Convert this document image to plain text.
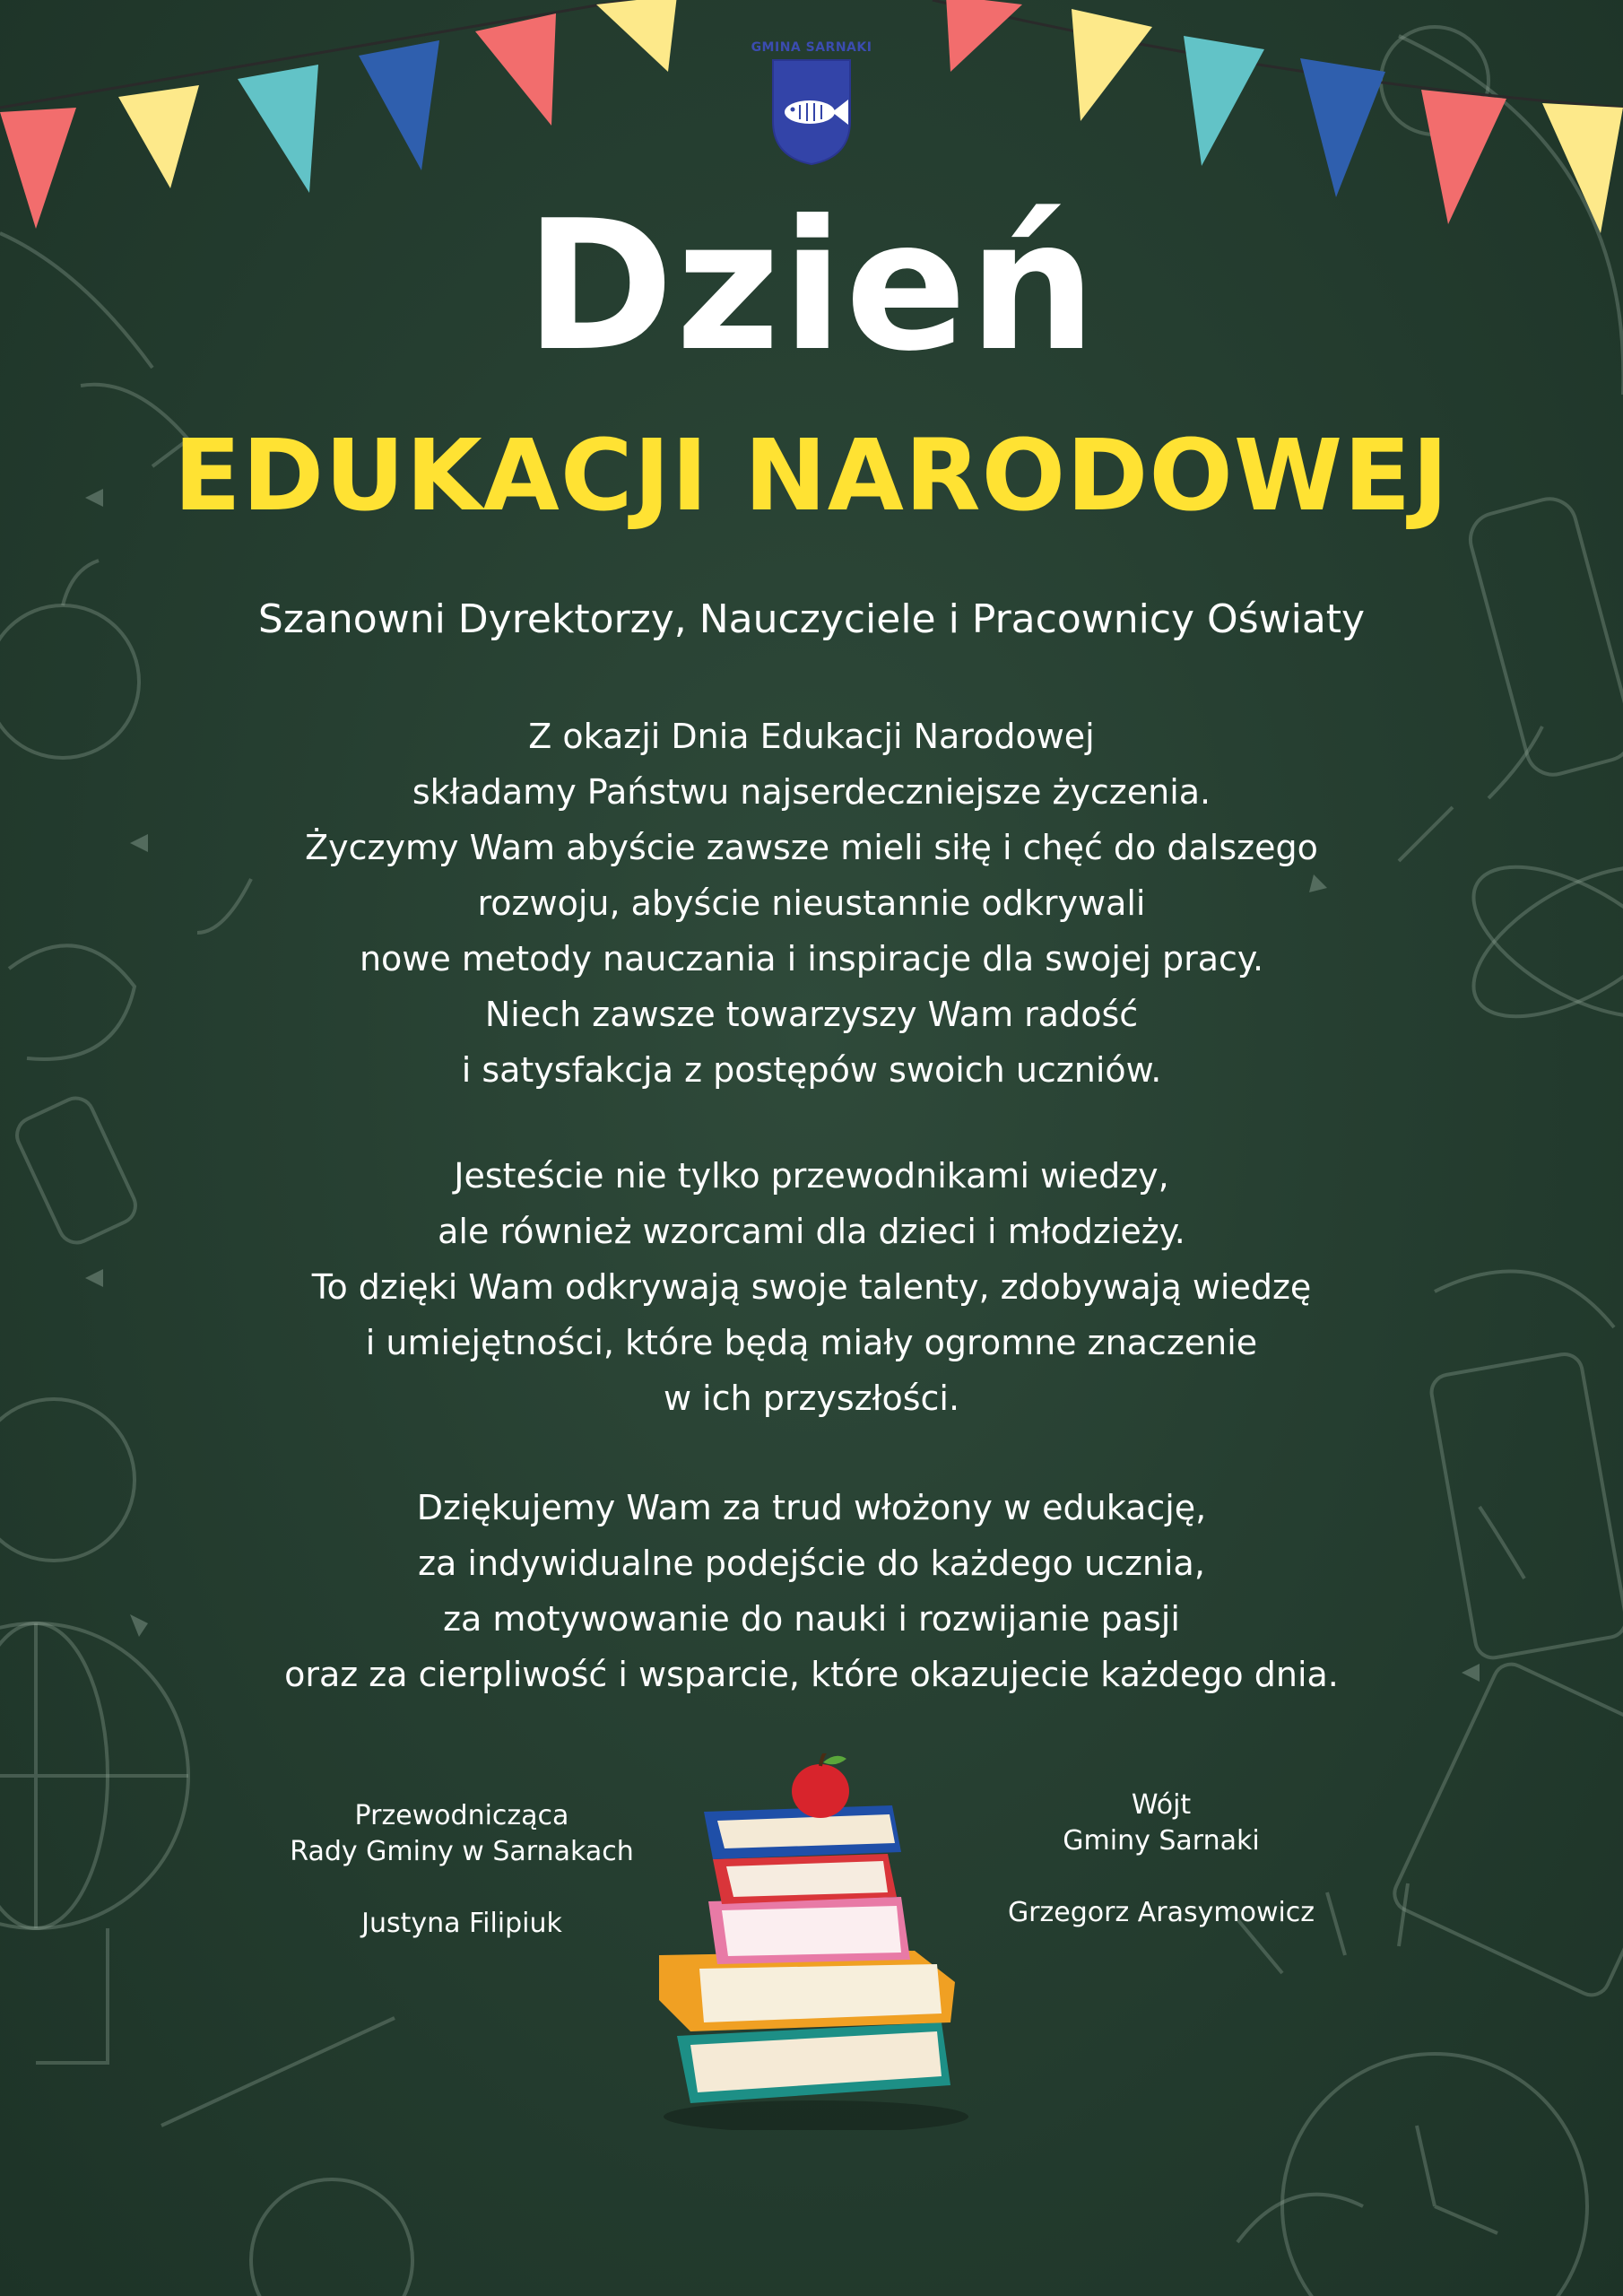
GMINA SARNAKI
Dzień
EDUKACJI NARODOWEJ
Szanowni Dyrektorzy, Nauczyciele i Pracownicy Oświaty
Z okazji Dnia Edukacji Narodowej
składamy Państwu najserdeczniejsze życzenia.
Życzymy Wam abyście zawsze mieli siłę i chęć do dalszego
rozwoju, abyście nieustannie odkrywali
nowe metody nauczania i inspiracje dla swojej pracy.
Niech zawsze towarzyszy Wam radość
i satysfakcja z postępów swoich uczniów.
Jesteście nie tylko przewodnikami wiedzy,
ale również wzorcami dla dzieci i młodzieży.
To dzięki Wam odkrywają swoje talenty, zdobywają wiedzę
i umiejętności, które będą miały ogromne znaczenie
w ich przyszłości.
Dziękujemy Wam za trud włożony w edukację,
za indywidualne podejście do każdego ucznia,
za motywowanie do nauki i rozwijanie pasji
oraz za cierpliwość i wsparcie, które okazujecie każdego dnia.
Przewodnicząca
Rady Gminy w Sarnakach
Justyna Filipiuk
Wójt
Gminy Sarnaki
Grzegorz Arasymowicz
